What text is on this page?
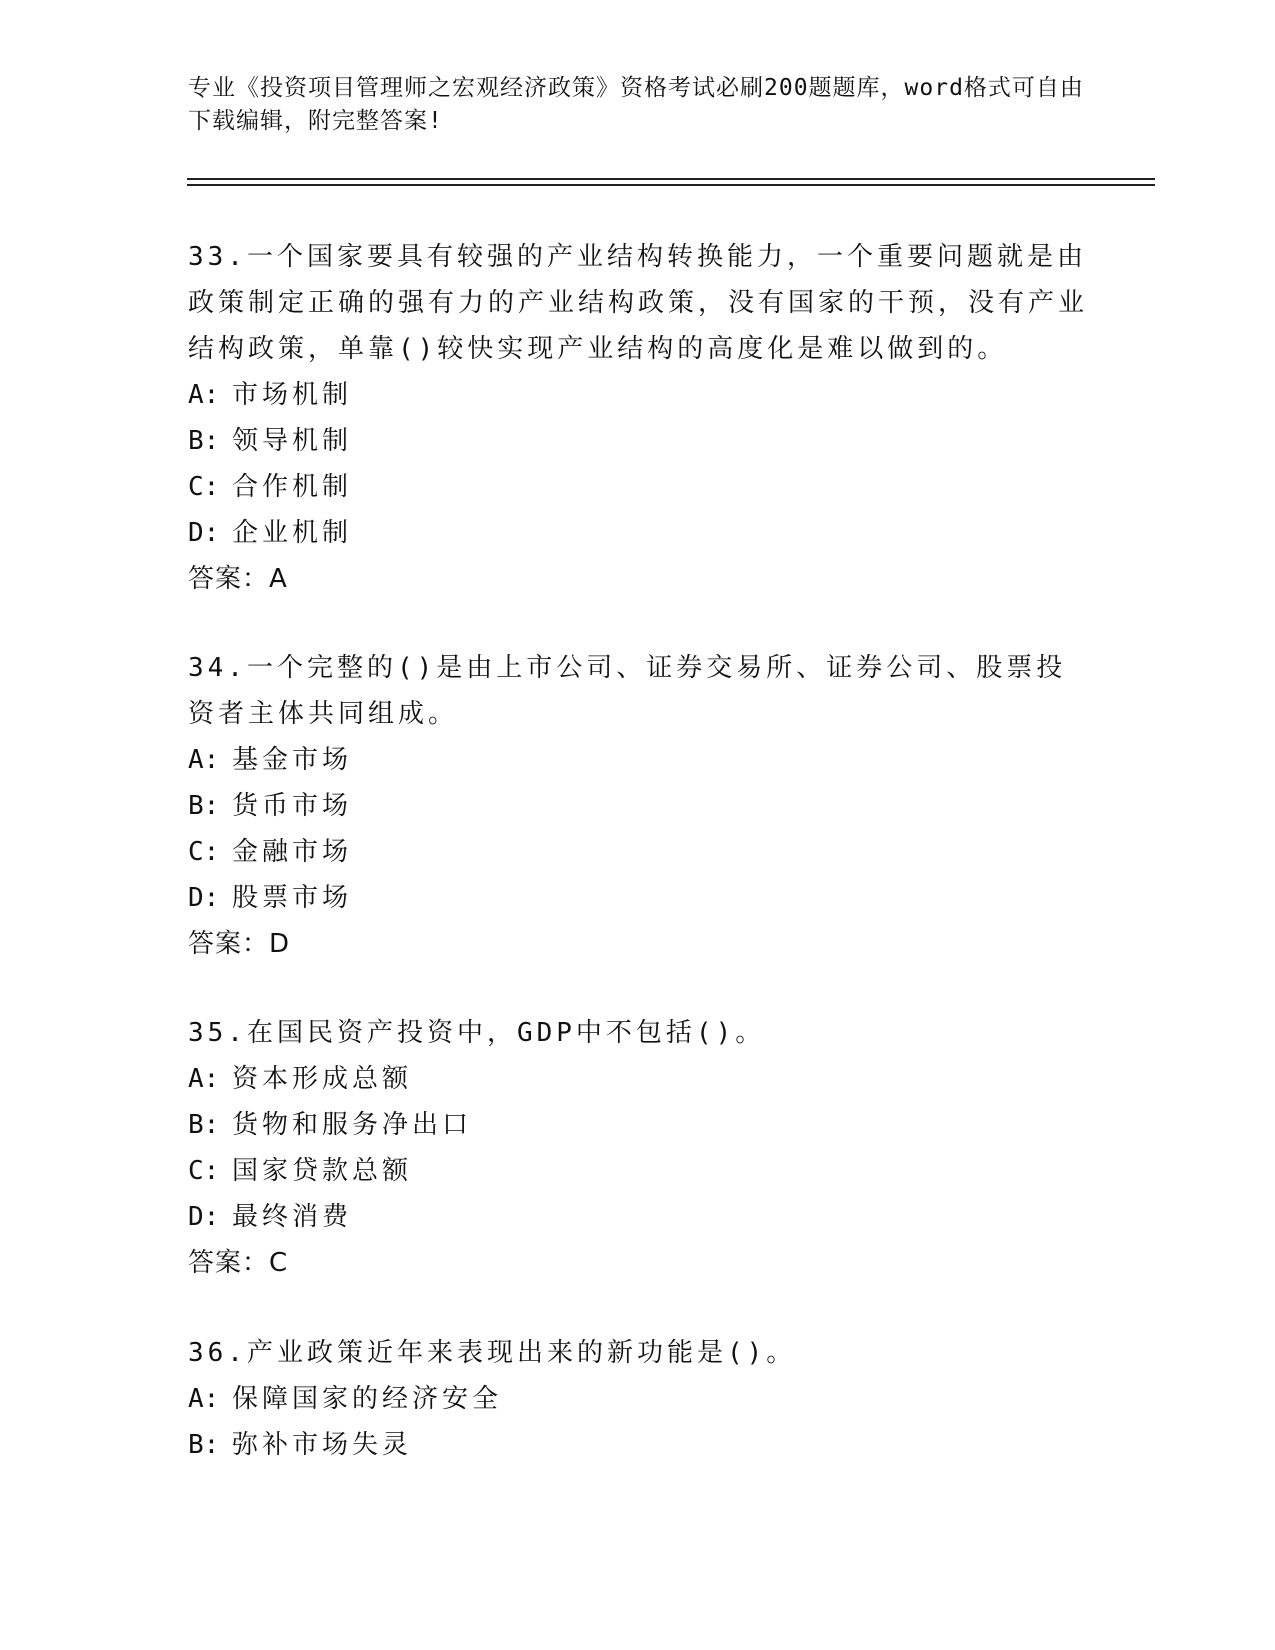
专业《投资项目管理师之宏观经济政策》资格考试必刷200题题库，word格式可自由下载编辑，附完整答案!

33.一个国家要具有较强的产业结构转换能力，一个重要问题就是由政策制定正确的强有力的产业结构政策，没有国家的干预，没有产业结构政策，单靠()较快实现产业结构的高度化是难以做到的。

A: 市场机制

B: 领导机制

C: 合作机制

D: 企业机制

答案：A

34.一个完整的()是由上市公司、证券交易所、证券公司、股票投资者主体共同组成。

A: 基金市场

B: 货币市场

C: 金融市场

D: 股票市场

答案：D

35.在国民资产投资中，GDP中不包括()。

A: 资本形成总额

B: 货物和服务净出口

C: 国家贷款总额

D: 最终消费

答案：C

36.产业政策近年来表现出来的新功能是()。

A: 保障国家的经济安全

B: 弥补市场失灵
